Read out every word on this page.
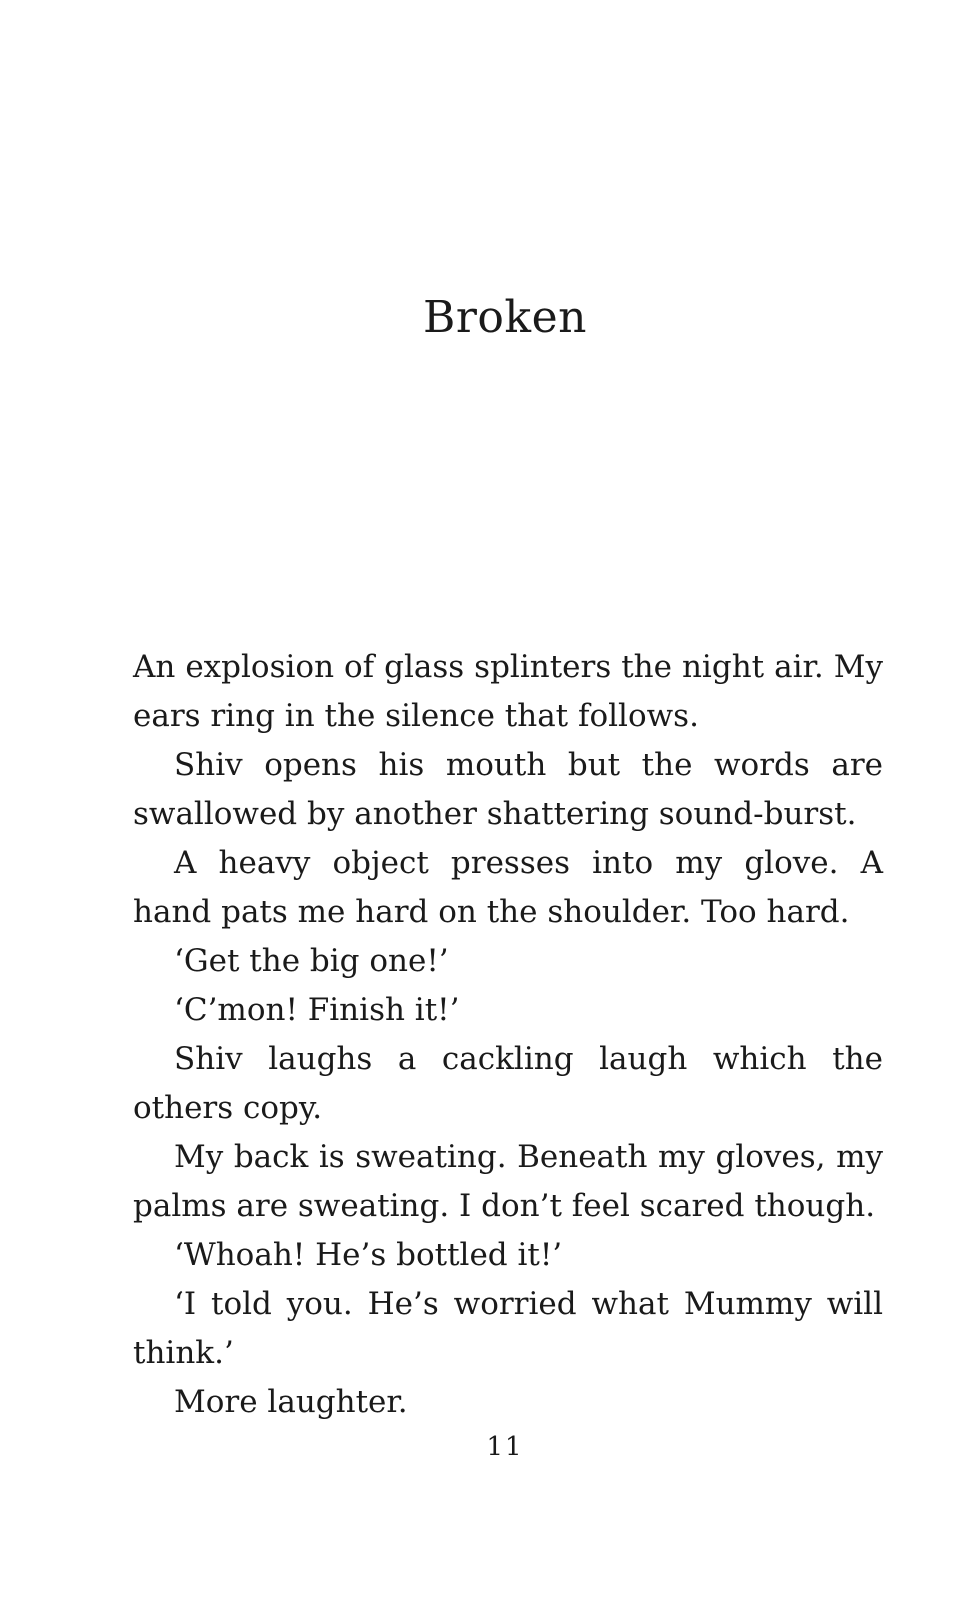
Broken

An explosion of glass splinters the night air. My ears ring in the silence that follows.

Shiv opens his mouth but the words are swallowed by another shattering sound-burst.

A heavy object presses into my glove. A hand pats me hard on the shoulder. Too hard.

‘Get the big one!’

‘C’mon! Finish it!’

Shiv laughs a cackling laugh which the others copy.

My back is sweating. Beneath my gloves, my palms are sweating. I don’t feel scared though.

‘Whoah! He’s bottled it!’

‘I told you. He’s worried what Mummy will think.’

More laughter.

11
